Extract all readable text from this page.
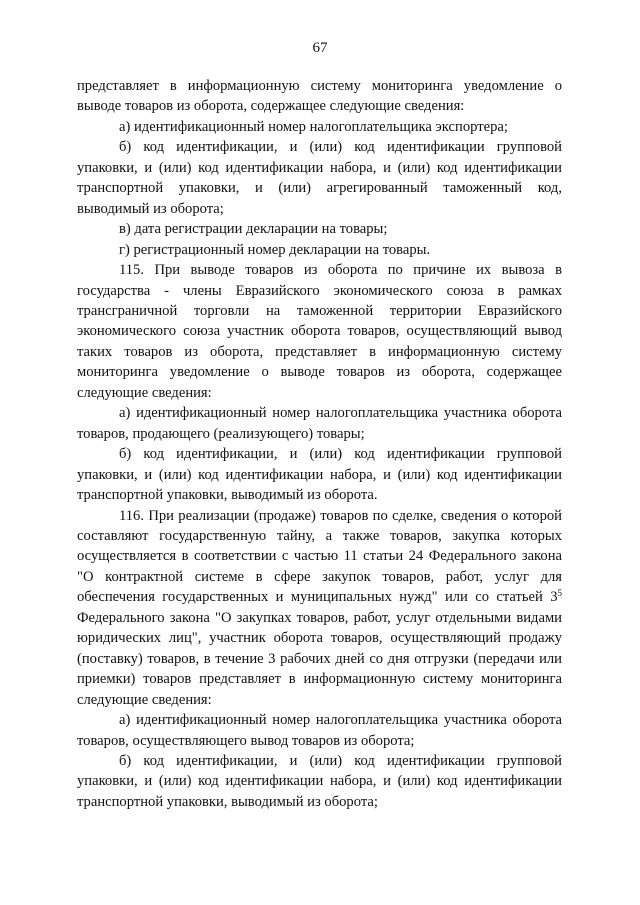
67

представляет в информационную систему мониторинга уведомление о выводе товаров из оборота, содержащее следующие сведения:

а) идентификационный номер налогоплательщика экспортера;

б) код идентификации, и (или) код идентификации групповой упаковки, и (или) код идентификации набора, и (или) код идентификации транспортной упаковки, и (или) агрегированный таможенный код, выводимый из оборота;

в) дата регистрации декларации на товары;

г) регистрационный номер декларации на товары.

115. При выводе товаров из оборота по причине их вывоза в государства - члены Евразийского экономического союза в рамках трансграничной торговли на таможенной территории Евразийского экономического союза участник оборота товаров, осуществляющий вывод таких товаров из оборота, представляет в информационную систему мониторинга уведомление о выводе товаров из оборота, содержащее следующие сведения:

а) идентификационный номер налогоплательщика участника оборота товаров, продающего (реализующего) товары;

б) код идентификации, и (или) код идентификации групповой упаковки, и (или) код идентификации набора, и (или) код идентификации транспортной упаковки, выводимый из оборота.

116. При реализации (продаже) товаров по сделке, сведения о которой составляют государственную тайну, а также товаров, закупка которых осуществляется в соответствии с частью 11 статьи 24 Федерального закона "О контрактной системе в сфере закупок товаров, работ, услуг для обеспечения государственных и муниципальных нужд" или со статьей $3^5$ Федерального закона "О закупках товаров, работ, услуг отдельными видами юридических лиц", участник оборота товаров, осуществляющий продажу (поставку) товаров, в течение 3 рабочих дней со дня отгрузки (передачи или приемки) товаров представляет в информационную систему мониторинга следующие сведения:

а) идентификационный номер налогоплательщика участника оборота товаров, осуществляющего вывод товаров из оборота;

б) код идентификации, и (или) код идентификации групповой упаковки, и (или) код идентификации набора, и (или) код идентификации транспортной упаковки, выводимый из оборота;
